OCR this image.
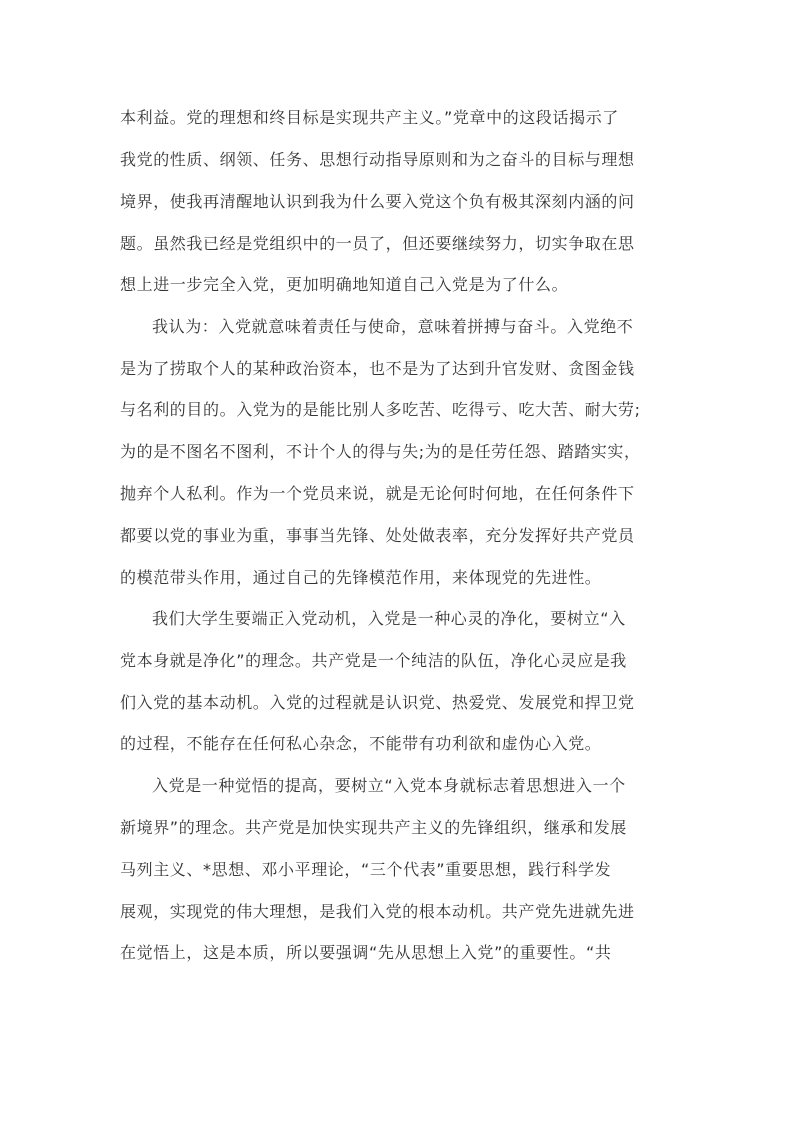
本利益。党的理想和终目标是实现共产主义。”党章中的这段话揭示了
我党的性质、纲领、任务、思想行动指导原则和为之奋斗的目标与理想
境界，使我再清醒地认识到我为什么要入党这个负有极其深刻内涵的问
题。虽然我已经是党组织中的一员了，但还要继续努力，切实争取在思
想上进一步完全入党，更加明确地知道自己入党是为了什么。
我认为：入党就意味着责任与使命，意味着拼搏与奋斗。入党绝不
是为了捞取个人的某种政治资本，也不是为了达到升官发财、贪图金钱
与名利的目的。入党为的是能比别人多吃苦、吃得亏、吃大苦、耐大劳;
为的是不图名不图利，不计个人的得与失;为的是任劳任怨、踏踏实实，
抛弃个人私利。作为一个党员来说，就是无论何时何地，在任何条件下
都要以党的事业为重，事事当先锋、处处做表率，充分发挥好共产党员
的模范带头作用，通过自己的先锋模范作用，来体现党的先进性。
我们大学生要端正入党动机，入党是一种心灵的净化，要树立“入
党本身就是净化”的理念。共产党是一个纯洁的队伍，净化心灵应是我
们入党的基本动机。入党的过程就是认识党、热爱党、发展党和捍卫党
的过程，不能存在任何私心杂念，不能带有功利欲和虚伪心入党。
入党是一种觉悟的提高，要树立“入党本身就标志着思想进入一个
新境界”的理念。共产党是加快实现共产主义的先锋组织，继承和发展
马列主义、*思想、邓小平理论，“三个代表”重要思想，践行科学发
展观，实现党的伟大理想，是我们入党的根本动机。共产党先进就先进
在觉悟上，这是本质，所以要强调“先从思想上入党”的重要性。“共
